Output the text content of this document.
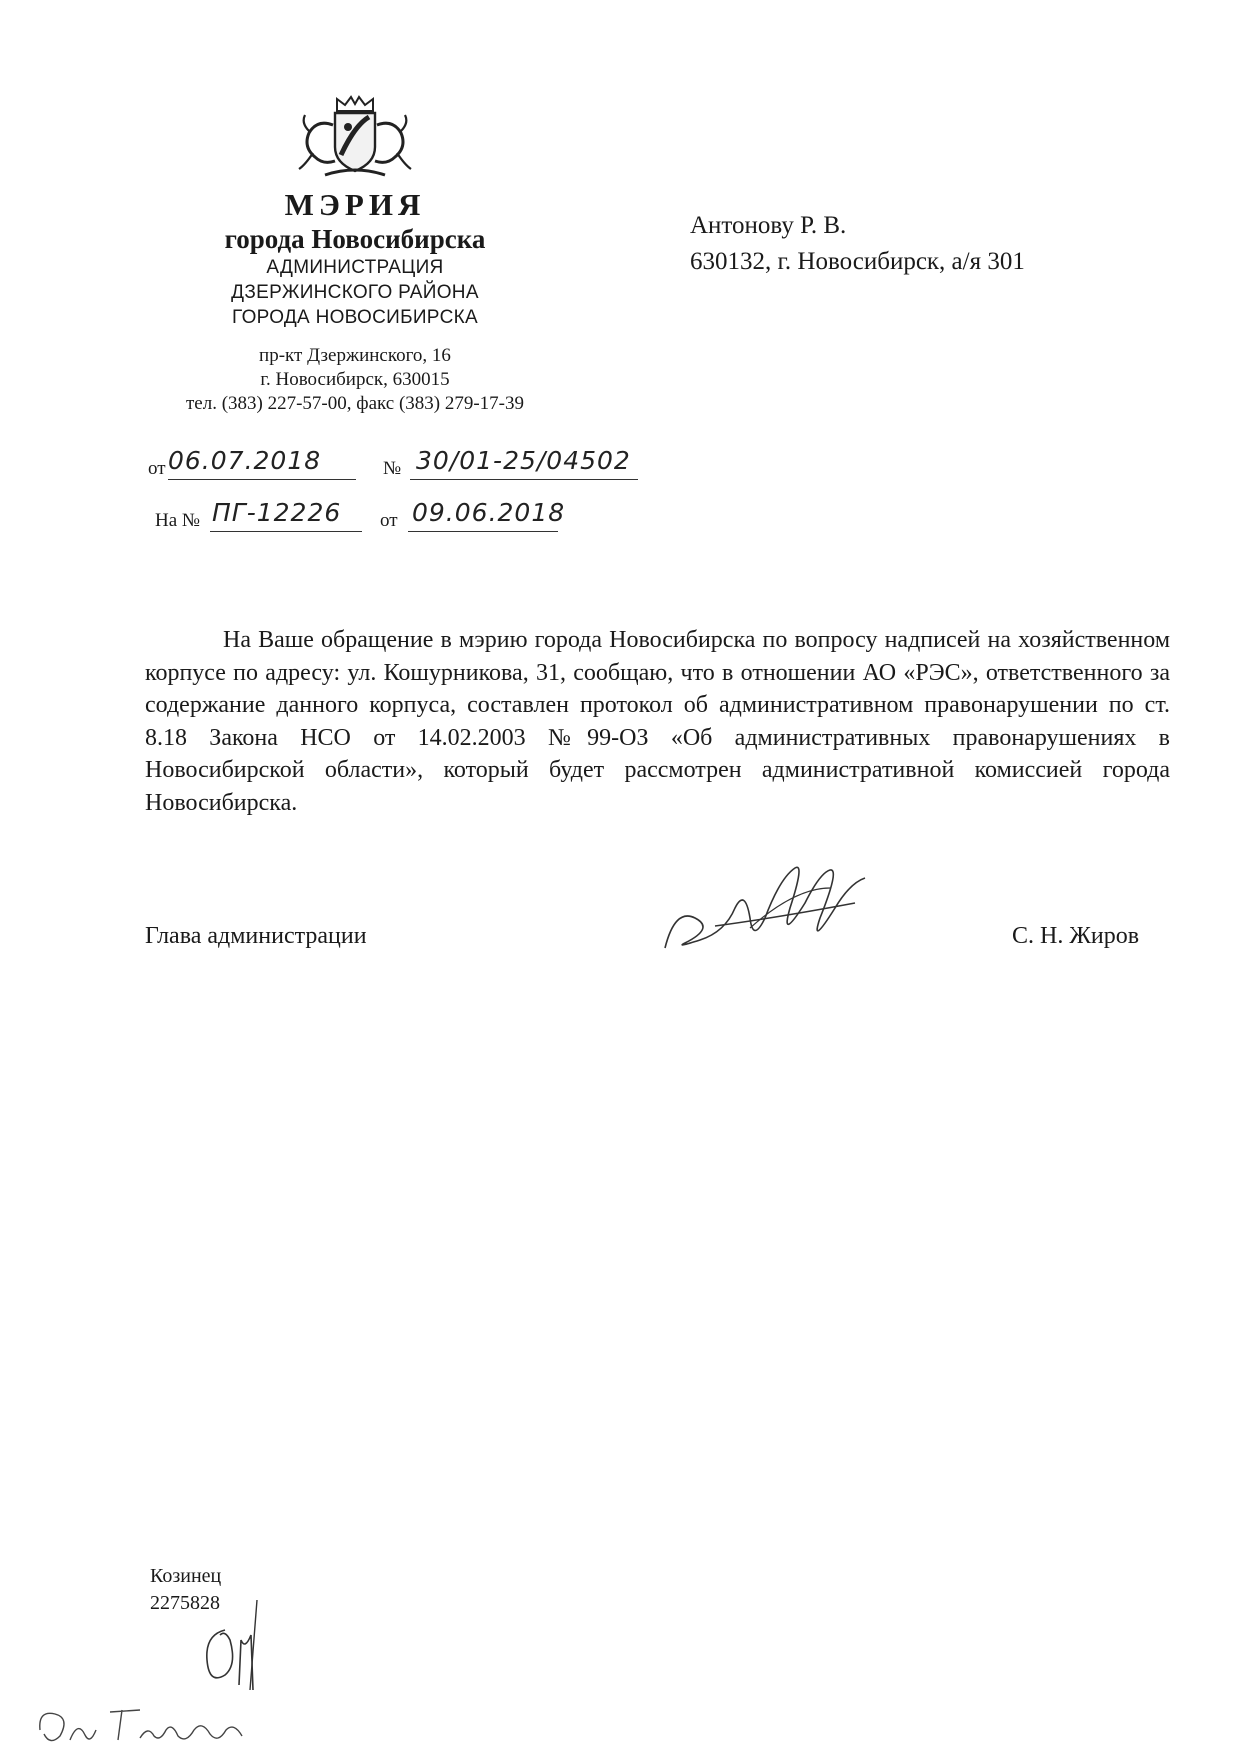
МЭРИЯ
города Новосибирска
АДМИНИСТРАЦИЯ
ДЗЕРЖИНСКОГО РАЙОНА
ГОРОДА НОВОСИБИРСКА
пр-кт Дзержинского, 16
г. Новосибирск, 630015
тел. (383) 227-57-00, факс (383) 279-17-39
от 06.07.2018	№ 30/01-25/04502
На № ПГ-12226 от 09.06.2018
Антонову Р. В.
630132, г. Новосибирск, а/я 301
На Ваше обращение в мэрию города Новосибирска по вопросу надписей на хозяйственном корпусе по адресу: ул. Кошурникова, 31, сообщаю, что в отношении АО «РЭС», ответственного за содержание данного корпуса, составлен протокол об административном правонарушении по ст. 8.18 Закона НСО от 14.02.2003 №99-ОЗ «Об административных правонарушениях в Новосибирской области», который будет рассмотрен административной комиссией города Новосибирска.
Глава администрации	С. Н. Жиров
Козинец
2275828
